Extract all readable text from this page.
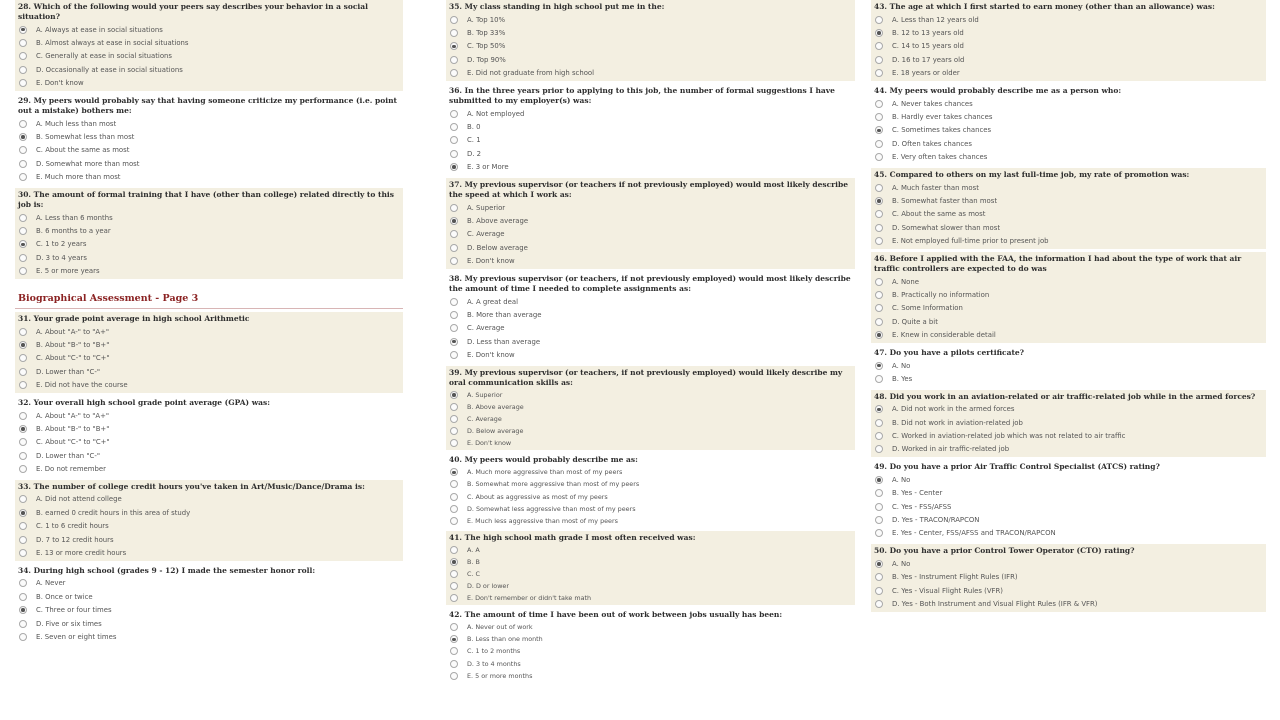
28. Which of the following would your peers say describes your behavior in a social situation?
A. Always at ease in social situations
B. Almost always at ease in social situations
C. Generally at ease in social situations
D. Occasionally at ease in social situations
E. Don't know
29. My peers would probably say that having someone criticize my performance (i.e. point out a mistake) bothers me:
A. Much less than most
B. Somewhat less than most
C. About the same as most
D. Somewhat more than most
E. Much more than most
30. The amount of formal training that I have (other than college) related directly to this job is:
A. Less than 6 months
B. 6 months to a year
C. 1 to 2 years
D. 3 to 4 years
E. 5 or more years
Biographical Assessment - Page 3
31. Your grade point average in high school Arithmetic
A. About "A-" to "A+"
B. About "B-" to "B+"
C. About "C-" to "C+"
D. Lower than "C-"
E. Did not have the course
32. Your overall high school grade point average (GPA) was:
A. About "A-" to "A+"
B. About "B-" to "B+"
C. About "C-" to "C+"
D. Lower than "C-"
E. Do not remember
33. The number of college credit hours you've taken in Art/Music/Dance/Drama is:
A. Did not attend college
B. earned 0 credit hours in this area of study
C. 1 to 6 credit hours
D. 7 to 12 credit hours
E. 13 or more credit hours
34. During high school (grades 9 - 12) I made the semester honor roll:
A. Never
B. Once or twice
C. Three or four times
D. Five or six times
E. Seven or eight times
35. My class standing in high school put me in the:
A. Top 10%
B. Top 33%
C. Top 50%
D. Top 90%
E. Did not graduate from high school
36. In the three years prior to applying to this job, the number of formal suggestions I have submitted to my employer(s) was:
A. Not employed
B. 0
C. 1
D. 2
E. 3 or More
37. My previous supervisor (or teachers if not previously employed) would most likely describe the speed at which I work as:
A. Superior
B. Above average
C. Average
D. Below average
E. Don't know
38. My previous supervisor (or teachers, if not previously employed) would most likely describe the amount of time I needed to complete assignments as:
A. A great deal
B. More than average
C. Average
D. Less than average
E. Don't know
39. My previous supervisor (or teachers, if not previously employed) would likely describe my oral communication skills as:
A. Superior
B. Above average
C. Average
D. Below average
E. Don't know
40. My peers would probably describe me as:
A. Much more aggressive than most of my peers
B. Somewhat more aggressive than most of my peers
C. About as aggressive as most of my peers
D. Somewhat less aggressive than most of my peers
E. Much less aggressive than most of my peers
41. The high school math grade I most often received was:
A. A
B. B
C. C
D. D or lower
E. Don't remember or didn't take math
42. The amount of time I have been out of work between jobs usually has been:
A. Never out of work
B. Less than one month
C. 1 to 2 months
D. 3 to 4 months
E. 5 or more months
43. The age at which I first started to earn money (other than an allowance) was:
A. Less than 12 years old
B. 12 to 13 years old
C. 14 to 15 years old
D. 16 to 17 years old
E. 18 years or older
44. My peers would probably describe me as a person who:
A. Never takes chances
B. Hardly ever takes chances
C. Sometimes takes chances
D. Often takes chances
E. Very often takes chances
45. Compared to others on my last full-time job, my rate of promotion was:
A. Much faster than most
B. Somewhat faster than most
C. About the same as most
D. Somewhat slower than most
E. Not employed full-time prior to present job
46. Before I applied with the FAA, the information I had about the type of work that air traffic controllers are expected to do was
A. None
B. Practically no information
C. Some Information
D. Quite a bit
E. Knew in considerable detail
47. Do you have a pilots certificate?
A. No
B. Yes
48. Did you work in an aviation-related or air traffic-related job while in the armed forces?
A. Did not work in the armed forces
B. Did not work in aviation-related job
C. Worked in aviation-related job which was not related to air traffic
D. Worked in air traffic-related job
49. Do you have a prior Air Traffic Control Specialist (ATCS) rating?
A. No
B. Yes - Center
C. Yes - FSS/AFSS
D. Yes - TRACON/RAPCON
E. Yes - Center, FSS/AFSS and TRACON/RAPCON
50. Do you have a prior Control Tower Operator (CTO) rating?
A. No
B. Yes - Instrument Flight Rules (IFR)
C. Yes - Visual Flight Rules (VFR)
D. Yes - Both Instrument and Visual Flight Rules (IFR & VFR)
